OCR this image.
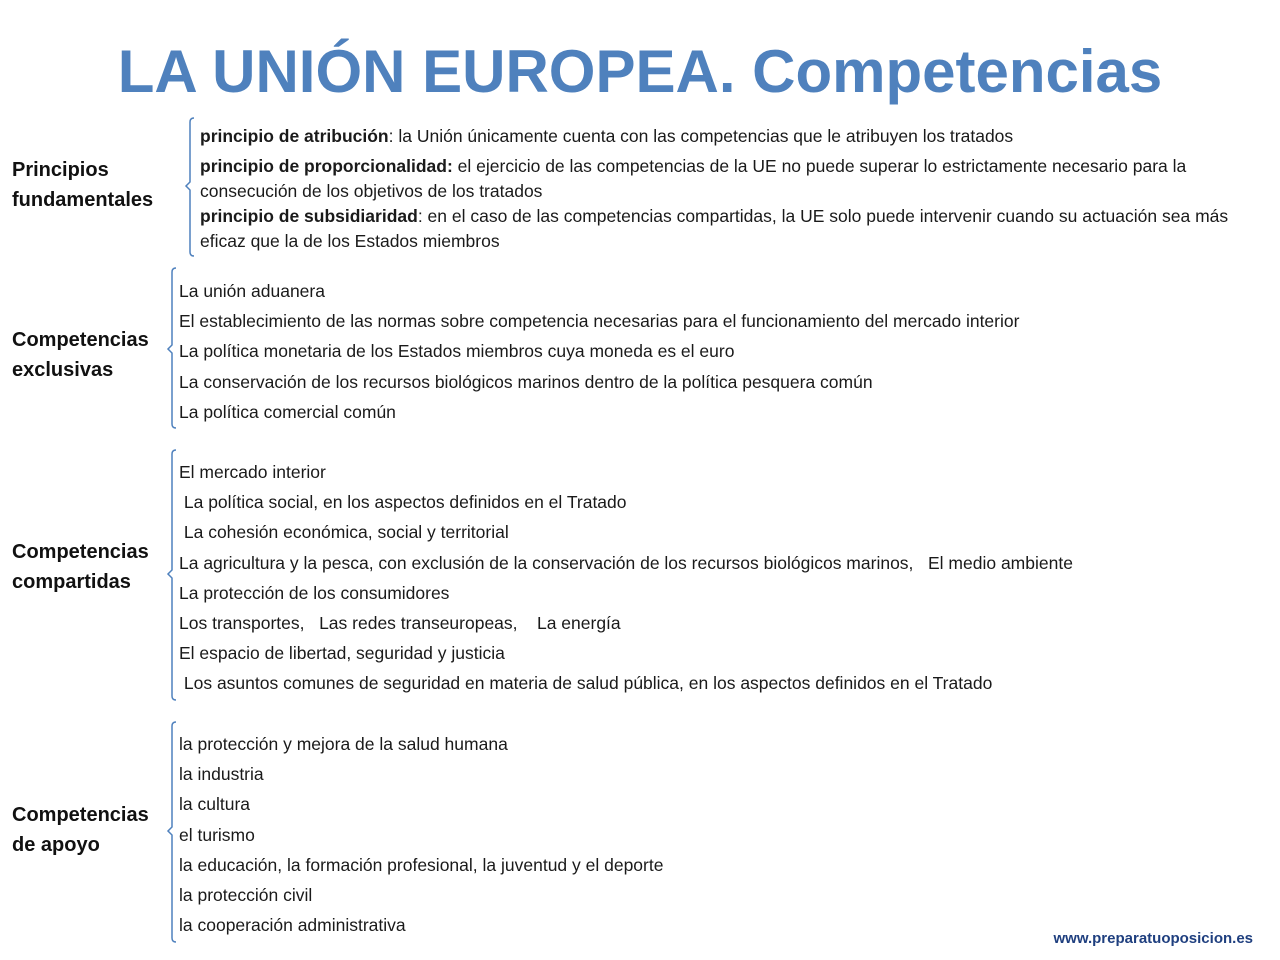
LA UNIÓN EUROPEA. Competencias
Principios
fundamentales
principio de atribución: la Unión únicamente cuenta con las competencias que le atribuyen los tratados
principio de proporcionalidad: el ejercicio de las competencias de la UE no puede superar lo estrictamente necesario para la consecución de los objetivos de los tratados
principio de subsidiaridad: en el caso de las competencias compartidas, la UE solo puede intervenir cuando su actuación sea más eficaz que la de los Estados miembros
Competencias
exclusivas
La unión aduanera
El establecimiento de las normas sobre competencia necesarias para el funcionamiento del mercado interior
La política monetaria de los Estados miembros cuya moneda es el euro
La conservación de los recursos biológicos marinos dentro de la política pesquera común
La política comercial común
Competencias
compartidas
El mercado interior
La política social, en los aspectos definidos en el Tratado
La cohesión económica, social y territorial
La agricultura y la pesca, con exclusión de la conservación de los recursos biológicos marinos,   El medio ambiente
La protección de los consumidores
Los transportes,   Las redes transeuropeas,    La energía
El espacio de libertad, seguridad y justicia
Los asuntos comunes de seguridad en materia de salud pública, en los aspectos definidos en el Tratado
Competencias
de apoyo
la protección y mejora de la salud humana
la industria
la cultura
el turismo
la educación, la formación profesional, la juventud y el deporte
la protección civil
la cooperación administrativa
www.preparatuoposicion.es
